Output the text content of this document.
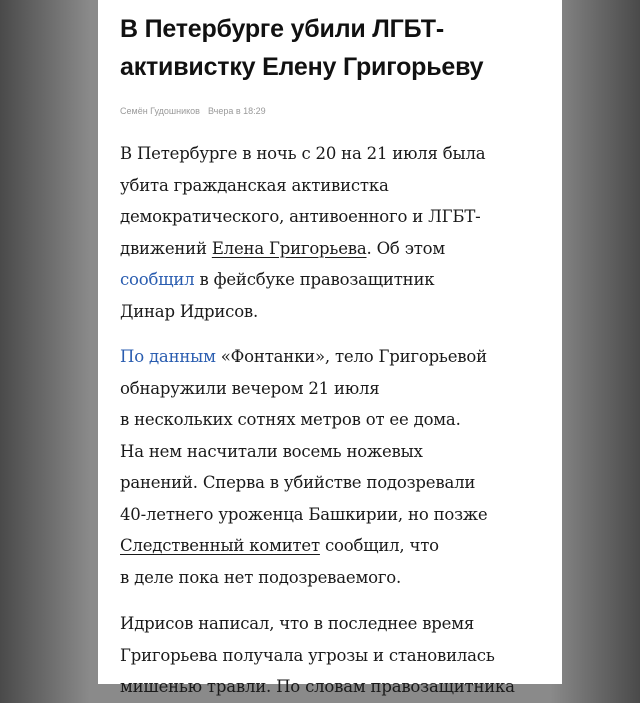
В Петербурге убили ЛГБТ-
активистку Елену Григорьеву
Семён Гудошников Вчера в 18:29

В Петербурге в ночь с 20 на 21 июля была
убита гражданская активистка
демократического, антивоенного и ЛГБТ-
движений Елена Григорьева. Об этом
сообщил в фейсбуке правозащитник
Динар Идрисов.

По данным «Фонтанки», тело Григорьевой
обнаружили вечером 21 июля
в нескольких сотнях метров от ее дома.
На нем насчитали восемь ножевых
ранений. Сперва в убийстве подозревали
40-летнего уроженца Башкирии, но позже
Следственный комитет сообщил, что
в деле пока нет подозреваемого.

Идрисов написал, что в последнее время
Григорьева получала угрозы и становилась
мишенью травли. По словам правозащитника
